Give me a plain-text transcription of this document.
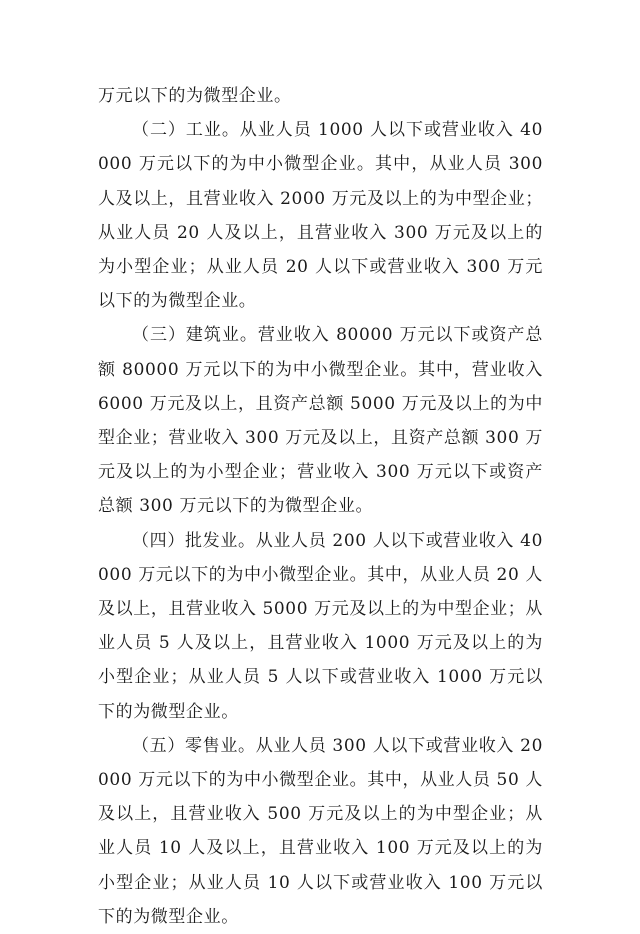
万元以下的为微型企业。

（二）工业。从业人员 1000 人以下或营业收入 40000 万元以下的为中小微型企业。其中，从业人员 300 人及以上，且营业收入 2000 万元及以上的为中型企业；从业人员 20 人及以上，且营业收入 300 万元及以上的为小型企业；从业人员 20 人以下或营业收入 300 万元以下的为微型企业。

（三）建筑业。营业收入 80000 万元以下或资产总额 80000 万元以下的为中小微型企业。其中，营业收入 6000 万元及以上，且资产总额 5000 万元及以上的为中型企业；营业收入 300 万元及以上，且资产总额 300 万元及以上的为小型企业；营业收入 300 万元以下或资产总额 300 万元以下的为微型企业。

（四）批发业。从业人员 200 人以下或营业收入 40000 万元以下的为中小微型企业。其中，从业人员 20 人及以上，且营业收入 5000 万元及以上的为中型企业；从业人员 5 人及以上，且营业收入 1000 万元及以上的为小型企业；从业人员 5 人以下或营业收入 1000 万元以下的为微型企业。

（五）零售业。从业人员 300 人以下或营业收入 20000 万元以下的为中小微型企业。其中，从业人员 50 人及以上，且营业收入 500 万元及以上的为中型企业；从业人员 10 人及以上，且营业收入 100 万元及以上的为小型企业；从业人员 10 人以下或营业收入 100 万元以下的为微型企业。
